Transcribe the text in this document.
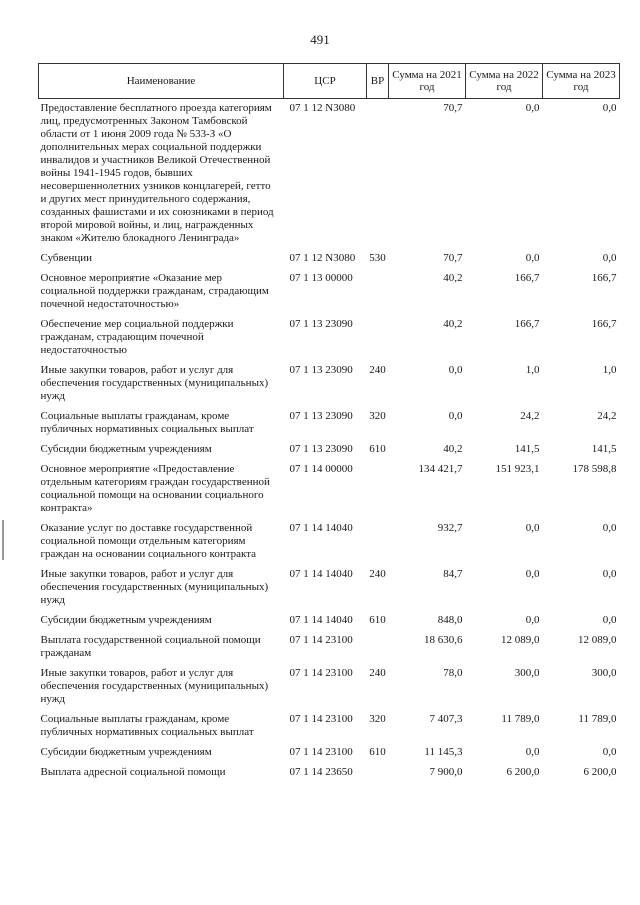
491
Наименование	ЦСР	ВР	Сумма на 2021 год	Сумма на 2022 год	Сумма на 2023 год
Предоставление бесплатного проезда категориям лиц, предусмотренных Законом Тамбовской области от 1 июня 2009 года № 533-З «О дополнительных мерах социальной поддержки инвалидов и участников Великой Отечественной войны 1941-1945 годов, бывших несовершеннолетних узников концлагерей, гетто и других мест принудительного содержания, созданных фашистами и их союзниками в период второй мировой войны, и лиц, награжденных знаком «Жителю блокадного Ленинграда»	07 1 12 N3080		70,7	0,0	0,0
Субвенции	07 1 12 N3080	530	70,7	0,0	0,0
Основное мероприятие «Оказание мер социальной поддержки гражданам, страдающим почечной недостаточностью»	07 1 13 00000		40,2	166,7	166,7
Обеспечение мер социальной поддержки гражданам, страдающим почечной недостаточностью	07 1 13 23090		40,2	166,7	166,7
Иные закупки товаров, работ и услуг для обеспечения государственных (муниципальных) нужд	07 1 13 23090	240	0,0	1,0	1,0
Социальные выплаты гражданам, кроме публичных нормативных социальных выплат	07 1 13 23090	320	0,0	24,2	24,2
Субсидии бюджетным учреждениям	07 1 13 23090	610	40,2	141,5	141,5
Основное мероприятие «Предоставление отдельным категориям граждан государственной социальной помощи на основании социального контракта»	07 1 14 00000		134 421,7	151 923,1	178 598,8
Оказание услуг по доставке государственной социальной помощи отдельным категориям граждан на основании социального контракта	07 1 14 14040		932,7	0,0	0,0
Иные закупки товаров, работ и услуг для обеспечения государственных (муниципальных) нужд	07 1 14 14040	240	84,7	0,0	0,0
Субсидии бюджетным учреждениям	07 1 14 14040	610	848,0	0,0	0,0
Выплата государственной социальной помощи гражданам	07 1 14 23100		18 630,6	12 089,0	12 089,0
Иные закупки товаров, работ и услуг для обеспечения государственных (муниципальных) нужд	07 1 14 23100	240	78,0	300,0	300,0
Социальные выплаты гражданам, кроме публичных нормативных социальных выплат	07 1 14 23100	320	7 407,3	11 789,0	11 789,0
Субсидии бюджетным учреждениям	07 1 14 23100	610	11 145,3	0,0	0,0
Выплата адресной социальной помощи	07 1 14 23650		7 900,0	6 200,0	6 200,0
